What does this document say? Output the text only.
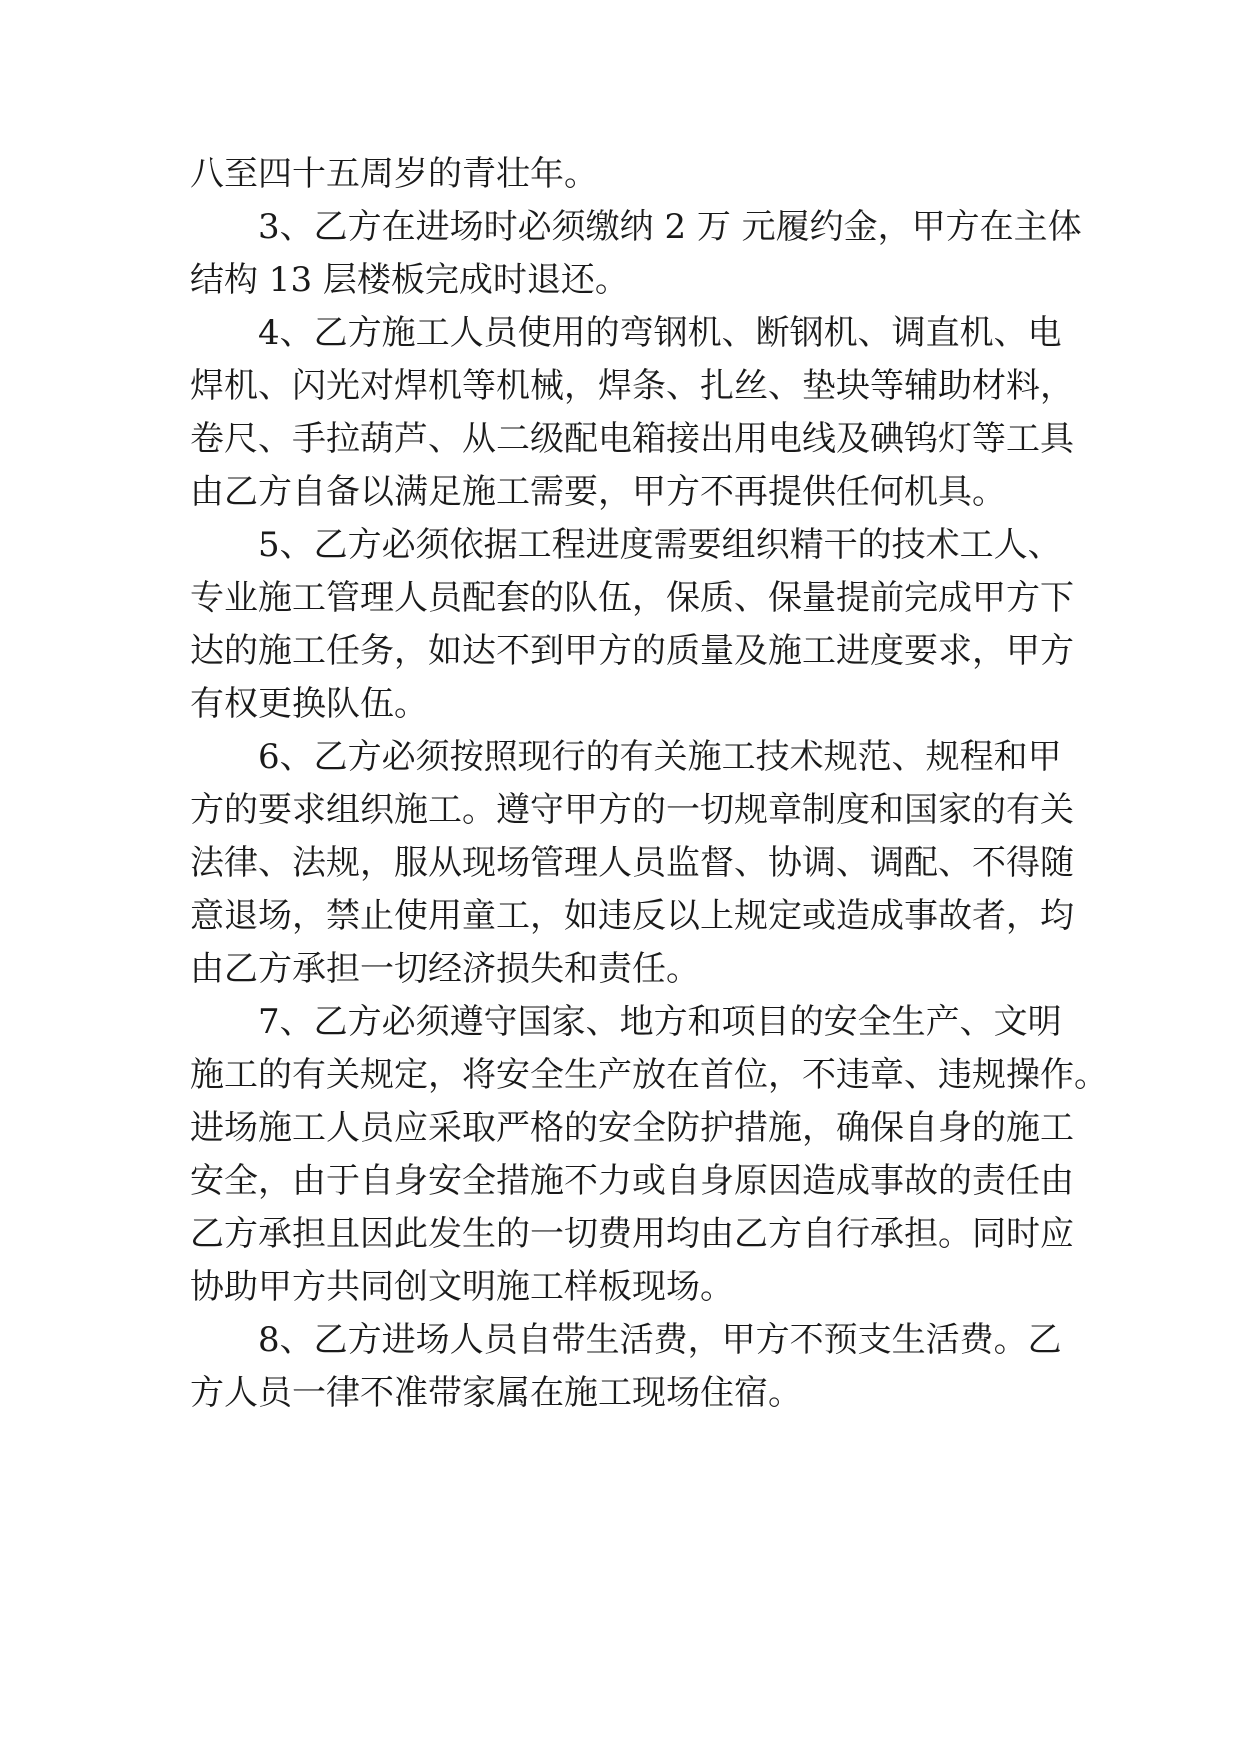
八至四十五周岁的青壮年。
3、乙方在进场时必须缴纳 2 万 元履约金，甲方在主体
结构 13 层楼板完成时退还。
4、乙方施工人员使用的弯钢机、断钢机、调直机、电
焊机、闪光对焊机等机械，焊条、扎丝、垫块等辅助材料，
卷尺、手拉葫芦、从二级配电箱接出用电线及碘钨灯等工具
由乙方自备以满足施工需要，甲方不再提供任何机具。
5、乙方必须依据工程进度需要组织精干的技术工人、
专业施工管理人员配套的队伍，保质、保量提前完成甲方下
达的施工任务，如达不到甲方的质量及施工进度要求，甲方
有权更换队伍。
6、乙方必须按照现行的有关施工技术规范、规程和甲
方的要求组织施工。遵守甲方的一切规章制度和国家的有关
法律、法规，服从现场管理人员监督、协调、调配、不得随
意退场，禁止使用童工，如违反以上规定或造成事故者，均
由乙方承担一切经济损失和责任。
7、乙方必须遵守国家、地方和项目的安全生产、文明
施工的有关规定，将安全生产放在首位，不违章、违规操作。
进场施工人员应采取严格的安全防护措施，确保自身的施工
安全，由于自身安全措施不力或自身原因造成事故的责任由
乙方承担且因此发生的一切费用均由乙方自行承担。同时应
协助甲方共同创文明施工样板现场。
8、乙方进场人员自带生活费，甲方不预支生活费。乙
方人员一律不准带家属在施工现场住宿。
